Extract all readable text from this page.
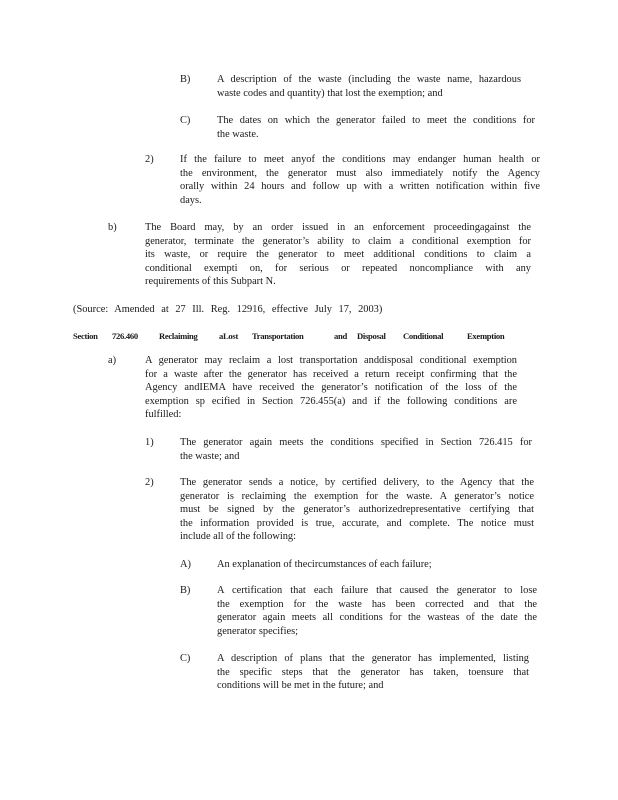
B)	A description of the waste (including the waste name, hazardous
waste codes and quantity) that lost the exemption; and
C)	The dates on which the generator failed to meet the conditions for
the waste.
2)	If the failure to meet anyof the conditions may endanger human health or
the environment, the generator must also immediately notify the Agency
orally within 24 hours and follow up with a written notification within five
days.
b)	The Board may, by an order issued in an enforcement proceedingagainst the
generator, terminate the generator’s ability to claim a conditional exemption for
its waste, or require the generator to meet additional conditions to claim a
conditional exempti on, for serious or repeated noncompliance with any
requirements of this Subpart N.
(Source: Amended at 27 Ill. Reg. 12916, effective July 17, 2003)
Section 726.460 Reclaiming aLost Transportation	and Disposal Conditional	Exemption
a)	A generator may reclaim a lost transportation anddisposal conditional exemption
for a waste after the generator has received a return receipt confirming that the
Agency andIEMA have received the generator’s notification of the loss of the
exemption sp ecified in Section 726.455(a) and if the following conditions are
fulfilled:
1)	The generator again meets the conditions specified in Section 726.415 for
the waste; and
2)	The generator sends a notice, by certified delivery, to the Agency that the
generator is reclaiming the exemption for the waste. A generator’s notice
must be signed by the generator’s authorizedrepresentative certifying that
the information provided is true, accurate, and complete. The notice must
include all of the following:
A)	An explanation of thecircumstances of each failure;
B)	A certification that each failure that caused the generator to lose
the exemption for the waste has been corrected and that the
generator again meets all conditions for the wasteas of the date the
generator specifies;
C)	A description of plans that the generator has implemented, listing
the specific steps that the generator has taken, toensure that
conditions will be met in the future; and
